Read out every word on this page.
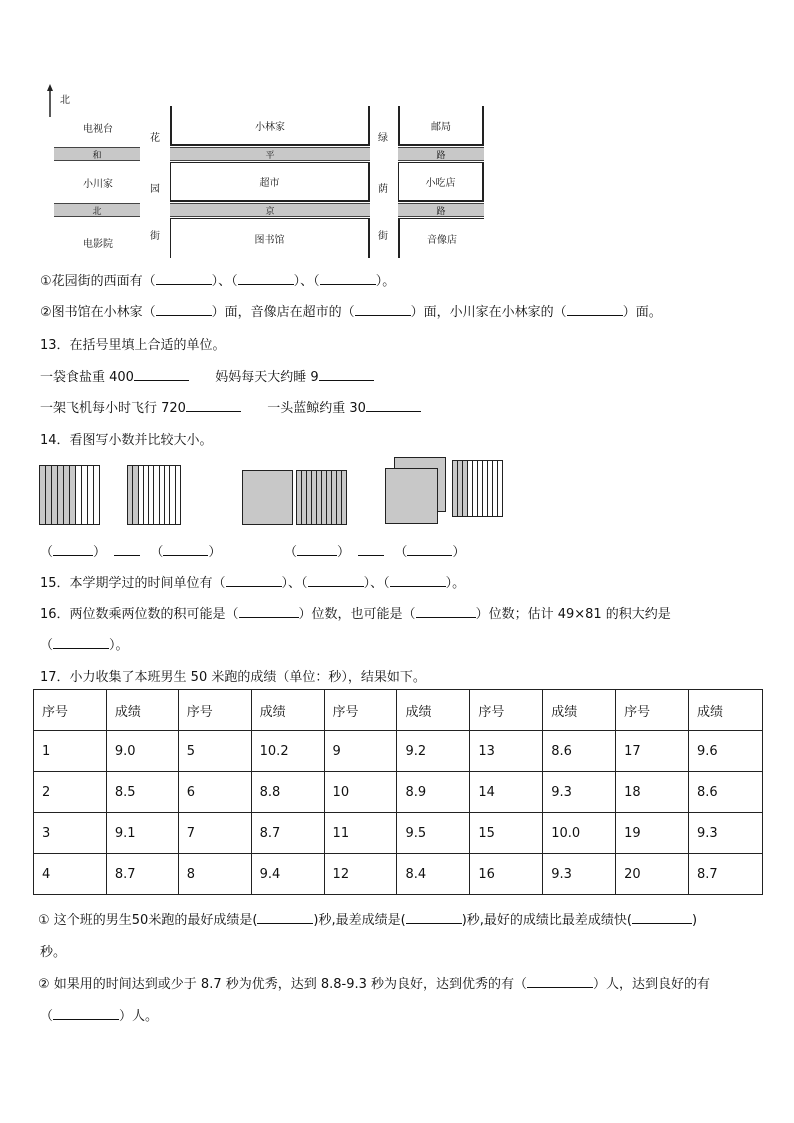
北
电视台	小林家	邮局
和	平	路
小川家	超市	小吃店
北	京	路
电影院	图书馆	音像店
花
园
街
绿
荫
街
①花园街的西面有（	）、（	）、（	）。
②图书馆在小林家（	）面，音像店在超市的（	）面，小川家在小林家的（	）面。
13．在括号里填上合适的单位。
一袋食盐重 400	妈妈每天大约睡 9
一架飞机每小时飞行 720	一头蓝鲸约重 30
14．看图写小数并比较大小。
（	）	（	）	（	）	（	）
15．本学期学过的时间单位有（	）、（	）、（	）。
16．两位数乘两位数的积可能是（	）位数，也可能是（	）位数；估计 49×81 的积大约是
（	）。
17．小力收集了本班男生 50 米跑的成绩（单位：秒），结果如下。
序号	成绩	序号	成绩	序号	成绩	序号	成绩	序号	成绩
1	9.0	5	10.2	9	9.2	13	8.6	17	9.6
2	8.5	6	8.8	10	8.9	14	9.3	18	8.6
3	9.1	7	8.7	11	9.5	15	10.0	19	9.3
4	8.7	8	9.4	12	8.4	16	9.3	20	8.7
① 这个班的男生50米跑的最好成绩是(	)秒,最差成绩是(	)秒,最好的成绩比最差成绩快(	)
秒。
② 如果用的时间达到或少于 8.7 秒为优秀，达到 8.8-9.3 秒为良好，达到优秀的有（	）人，达到良好的有
（	）人。
